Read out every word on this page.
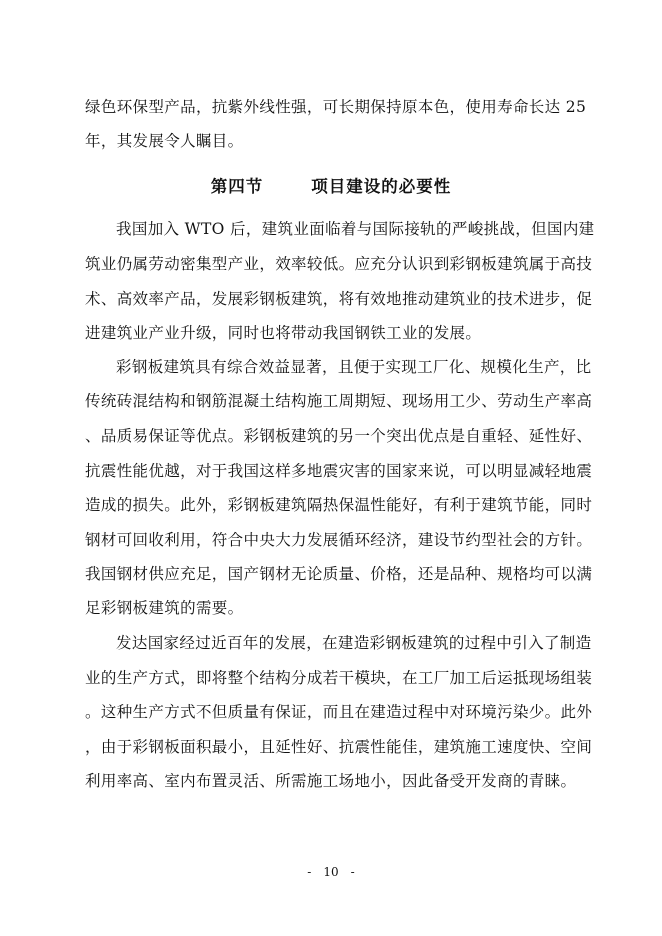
绿色环保型产品，抗紫外线性强，可长期保持原本色，使用寿命长达 25
年，其发展令人瞩目。
第四节	项目建设的必要性
我国加入 WTO 后，建筑业面临着与国际接轨的严峻挑战，但国内建
筑业仍属劳动密集型产业，效率较低。应充分认识到彩钢板建筑属于高技
术、高效率产品，发展彩钢板建筑，将有效地推动建筑业的技术进步，促
进建筑业产业升级，同时也将带动我国钢铁工业的发展。
彩钢板建筑具有综合效益显著，且便于实现工厂化、规模化生产，比
传统砖混结构和钢筋混凝土结构施工周期短、现场用工少、劳动生产率高
、品质易保证等优点。彩钢板建筑的另一个突出优点是自重轻、延性好、
抗震性能优越，对于我国这样多地震灾害的国家来说，可以明显减轻地震
造成的损失。此外，彩钢板建筑隔热保温性能好，有利于建筑节能，同时
钢材可回收利用，符合中央大力发展循环经济，建设节约型社会的方针。
我国钢材供应充足，国产钢材无论质量、价格，还是品种、规格均可以满
足彩钢板建筑的需要。
发达国家经过近百年的发展，在建造彩钢板建筑的过程中引入了制造
业的生产方式，即将整个结构分成若干模块，在工厂加工后运抵现场组装
。这种生产方式不但质量有保证，而且在建造过程中对环境污染少。此外
，由于彩钢板面积最小，且延性好、抗震性能佳，建筑施工速度快、空间
利用率高、室内布置灵活、所需施工场地小，因此备受开发商的青睐。
- 10 -
